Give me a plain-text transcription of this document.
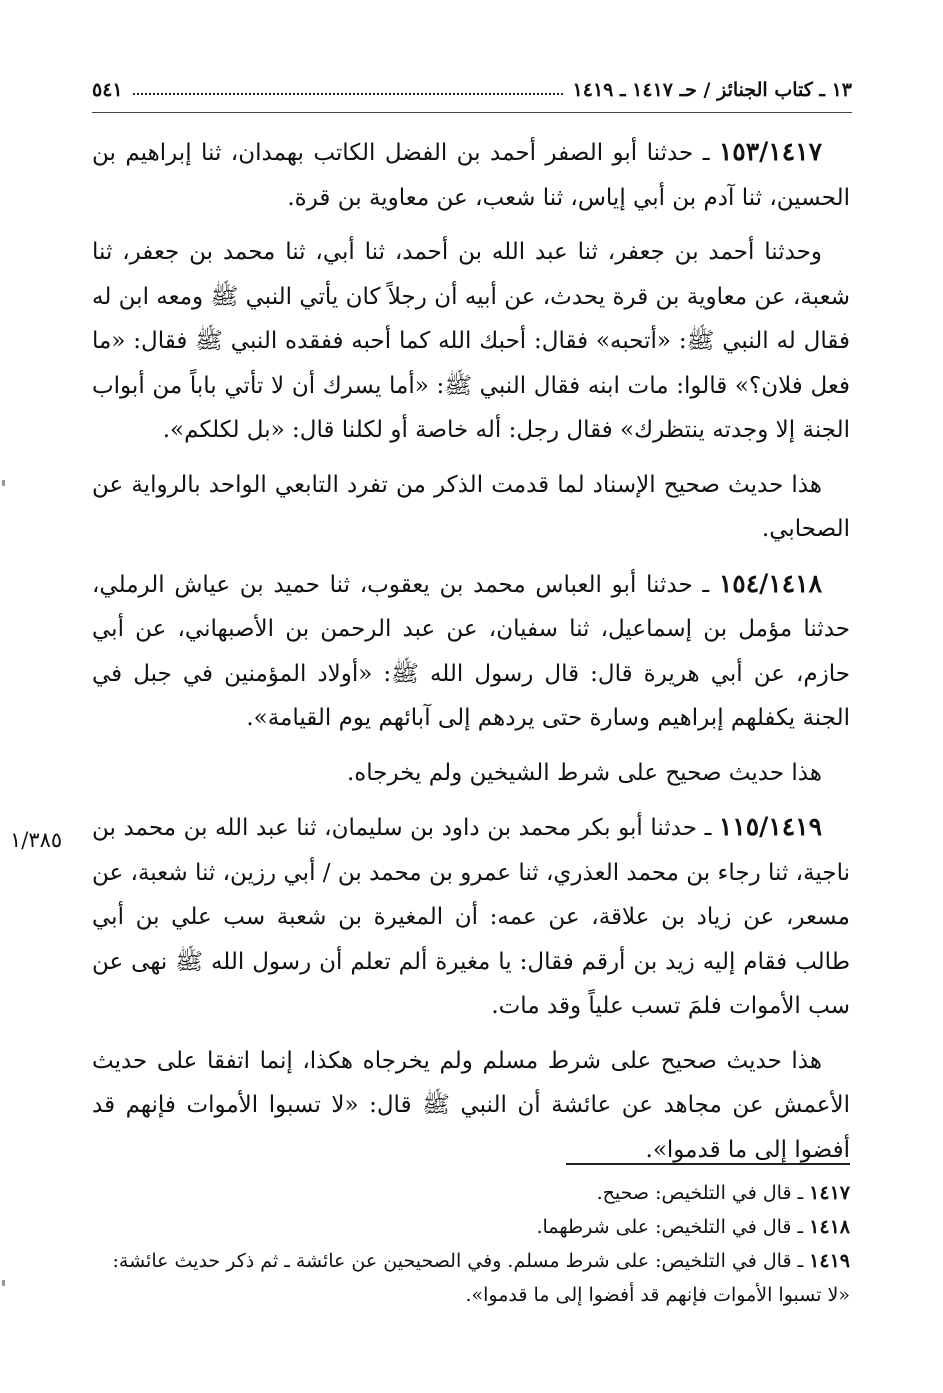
١٣ ـ كتاب الجنائز / حـ ١٤١٧ ـ ١٤١٩
٥٤١

١٥٣/١٤١٧ ـ حدثنا أبو الصفر أحمد بن الفضل الكاتب بهمدان، ثنا إبراهيم بن الحسين، ثنا آدم بن أبي إياس، ثنا شعب، عن معاوية بن قرة.

وحدثنا أحمد بن جعفر، ثنا عبد الله بن أحمد، ثنا أبي، ثنا محمد بن جعفر، ثنا شعبة، عن معاوية بن قرة يحدث، عن أبيه أن رجلاً كان يأتي النبي ﷺ ومعه ابن له فقال له النبي ﷺ: «أتحبه» فقال: أحبك الله كما أحبه ففقده النبي ﷺ فقال: «ما فعل فلان؟» قالوا: مات ابنه فقال النبي ﷺ: «أما يسرك أن لا تأتي باباً من أبواب الجنة إلا وجدته ينتظرك» فقال رجل: أله خاصة أو لكلنا قال: «بل لكلكم».

هذا حديث صحيح الإسناد لما قدمت الذكر من تفرد التابعي الواحد بالرواية عن الصحابي.

١٥٤/١٤١٨ ـ حدثنا أبو العباس محمد بن يعقوب، ثنا حميد بن عياش الرملي، حدثنا مؤمل بن إسماعيل، ثنا سفيان، عن عبد الرحمن بن الأصبهاني، عن أبي حازم، عن أبي هريرة قال: قال رسول الله ﷺ: «أولاد المؤمنين في جبل في الجنة يكفلهم إبراهيم وسارة حتى يردهم إلى آبائهم يوم القيامة».

هذا حديث صحيح على شرط الشيخين ولم يخرجاه.

١١٥/١٤١٩ ـ حدثنا أبو بكر محمد بن داود بن سليمان، ثنا عبد الله بن محمد بن ناجية، ثنا رجاء بن محمد العذري، ثنا عمرو بن محمد بن / أبي رزين، ثنا شعبة، عن مسعر، عن زياد بن علاقة، عن عمه: أن المغيرة بن شعبة سب علي بن أبي طالب فقام إليه زيد بن أرقم فقال: يا مغيرة ألم تعلم أن رسول الله ﷺ نهى عن سب الأموات فلمَ تسب علياً وقد مات.

هذا حديث صحيح على شرط مسلم ولم يخرجاه هكذا، إنما اتفقا على حديث الأعمش عن مجاهد عن عائشة أن النبي ﷺ قال: «لا تسبوا الأموات فإنهم قد أفضوا إلى ما قدموا».

١/٣٨٥
١٤١٧ ـ قال في التلخيص: صحيح.
١٤١٨ ـ قال في التلخيص: على شرطهما.
١٤١٩ ـ قال في التلخيص: على شرط مسلم. وفي الصحيحين عن عائشة ـ ثم ذكر حديث عائشة:
«لا تسبوا الأموات فإنهم قد أفضوا إلى ما قدموا».
